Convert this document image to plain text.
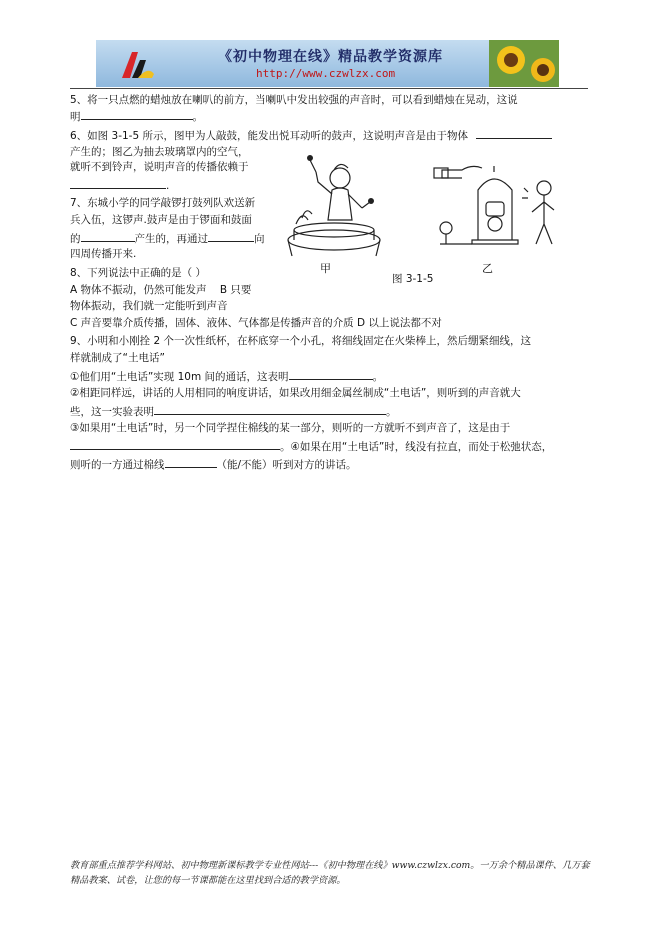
《初中物理在线》精品教学资源库
http://www.czwlzx.com
5、将一只点燃的蜡烛放在喇叭的前方，当喇叭中发出较强的声音时，可以看到蜡烛在晃动，这说
明	。
6、如图 3-1-5 所示，图甲为人敲鼓，能发出悦耳动听的鼓声，这说明声音是由于物体
产生的；图乙为抽去玻璃罩内的空气，
就听不到铃声，说明声音的传播依赖于
.
7、东城小学的同学敲锣打鼓列队欢送新
兵入伍，这锣声.鼓声是由于锣面和鼓面
的	产生的，再通过	向
四周传播开来.
甲	乙
图 3-1-5
8、下列说法中正确的是（ ）
A 物体不振动，仍然可能发声 B 只要
物体振动，我们就一定能听到声音
C 声音要靠介质传播，固体、液体、气体都是传播声音的介质 D 以上说法都不对
9、小明和小刚拴 2 个一次性纸杯，在杯底穿一个小孔，将细线固定在火柴棒上，然后绷紧细线，这
样就制成了“土电话”
①他们用“土电话”实现 10m 间的通话，这表明	。
②相距同样远，讲话的人用相同的响度讲话，如果改用细金属丝制成“土电话”，则听到的声音就大
些，这一实验表明	。
③如果用“土电话”时，另一个同学捏住棉线的某一部分，则听的一方就听不到声音了，这是由于
。④如果在用“土电话”时，线没有拉直，而处于松弛状态，
则听的一方通过棉线	（能/不能）听到对方的讲话。
教育部重点推荐学科网站、初中物理新课标教学专业性网站---《初中物理在线》www.czwlzx.com。一万余个精品课件、几万套精品教案、试卷，让您的每一节课都能在这里找到合适的教学资源。
